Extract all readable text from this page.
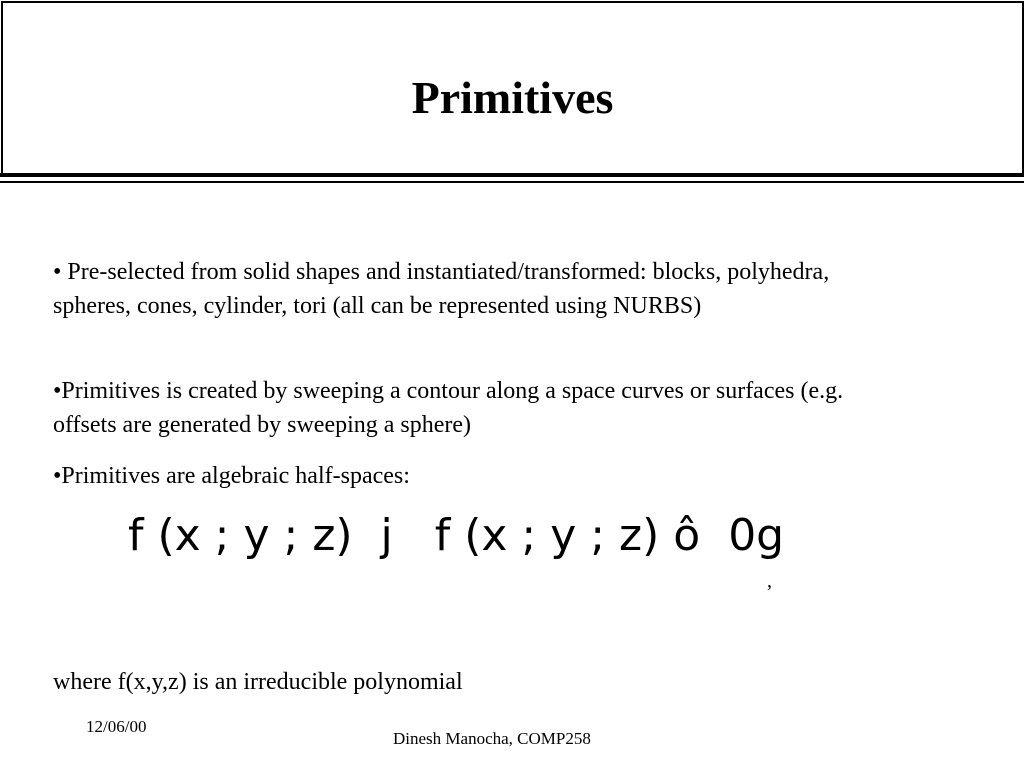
Primitives
• Pre-selected from solid shapes and instantiated/transformed: blocks, polyhedra, spheres, cones, cylinder, tori (all can be represented using NURBS)
•Primitives is created by sweeping a contour along a space curves or surfaces (e.g. offsets are generated by sweeping a sphere)
•Primitives are algebraic half-spaces:
f (x ; y ; z)  j   f (x ; y ; z) ô  0g
,
where f(x,y,z) is an irreducible polynomial
12/06/00
Dinesh Manocha, COMP258
